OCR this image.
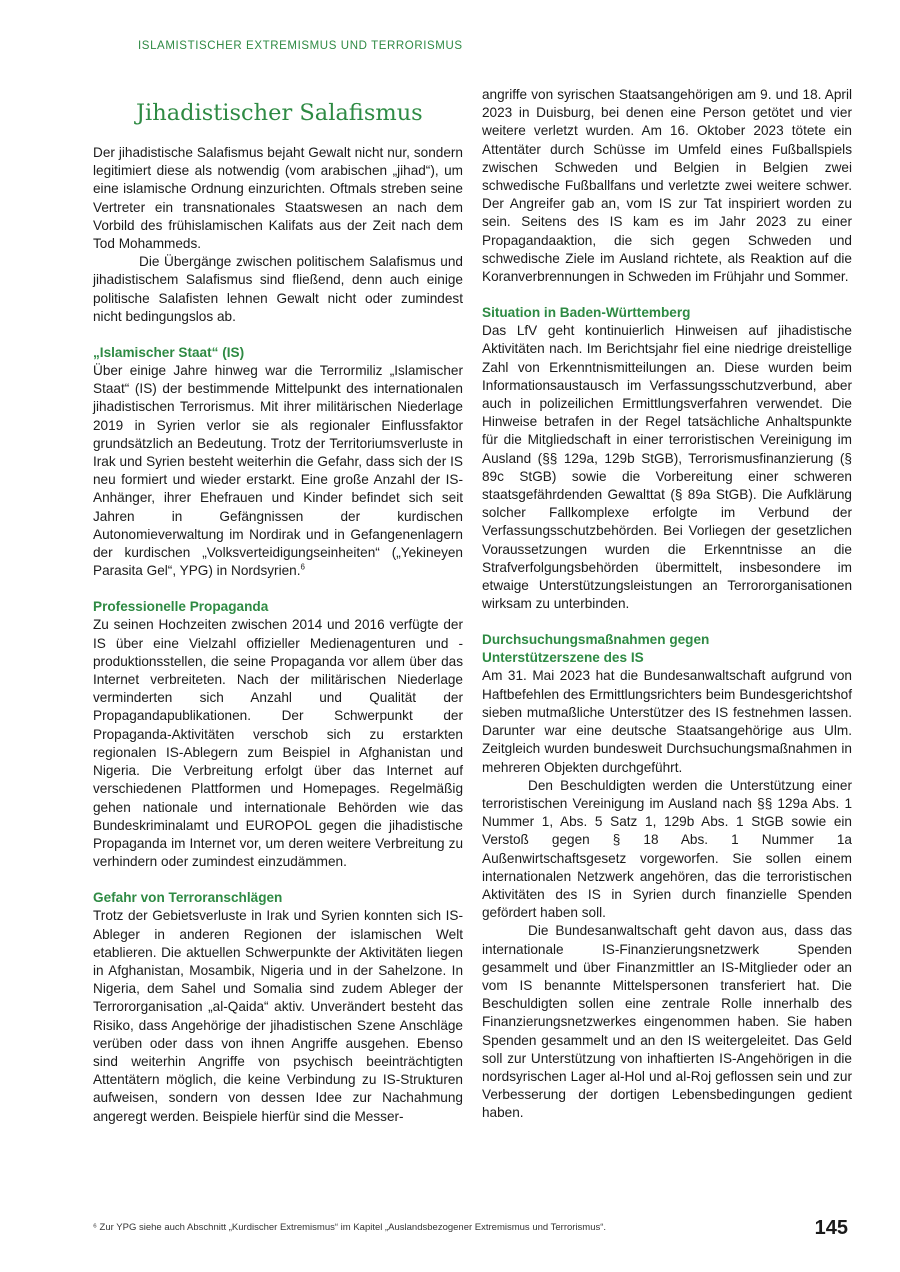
ISLAMISTISCHER EXTREMISMUS UND TERRORISMUS
Jihadistischer Salafismus

Der jihadistische Salafismus bejaht Gewalt nicht nur, sondern legitimiert diese als notwendig (vom arabischen „jihad“), um eine islamische Ordnung einzurichten. Oftmals streben seine Vertreter ein transnationales Staatswesen an nach dem Vorbild des frühislamischen Kalifats aus der Zeit nach dem Tod Mohammeds.

Die Übergänge zwischen politischem Salafismus und jihadistischem Salafismus sind fließend, denn auch einige politische Salafisten lehnen Gewalt nicht oder zumindest nicht bedingungslos ab.

„Islamischer Staat“ (IS)

Über einige Jahre hinweg war die Terrormiliz „Islamischer Staat“ (IS) der bestimmende Mittelpunkt des internationalen jihadistischen Terrorismus. Mit ihrer militärischen Niederlage 2019 in Syrien verlor sie als regionaler Einflussfaktor grundsätzlich an Bedeutung. Trotz der Territoriumsverluste in Irak und Syrien besteht weiterhin die Gefahr, dass sich der IS neu formiert und wieder erstarkt. Eine große Anzahl der IS-Anhänger, ihrer Ehefrauen und Kinder befindet sich seit Jahren in Gefängnissen der kurdischen Autonomieverwaltung im Nordirak und in Gefangenenlagern der kurdischen „Volksverteidigungseinheiten“ („Yekineyen Parasita Gel“, YPG) in Nordsyrien.$^6$

Professionelle Propaganda

Zu seinen Hochzeiten zwischen 2014 und 2016 verfügte der IS über eine Vielzahl offizieller Medienagenturen und -produktionsstellen, die seine Propaganda vor allem über das Internet verbreiteten. Nach der militärischen Niederlage verminderten sich Anzahl und Qualität der Propagandapublikationen. Der Schwerpunkt der Propaganda-Aktivitäten verschob sich zu erstarkten regionalen IS-Ablegern zum Beispiel in Afghanistan und Nigeria. Die Verbreitung erfolgt über das Internet auf verschiedenen Plattformen und Homepages. Regelmäßig gehen nationale und internationale Behörden wie das Bundeskriminalamt und EUROPOL gegen die jihadistische Propaganda im Internet vor, um deren weitere Verbreitung zu verhindern oder zumindest einzudämmen.

Gefahr von Terroranschlägen

Trotz der Gebietsverluste in Irak und Syrien konnten sich IS-Ableger in anderen Regionen der islamischen Welt etablieren. Die aktuellen Schwerpunkte der Aktivitäten liegen in Afghanistan, Mosambik, Nigeria und in der Sahelzone. In Nigeria, dem Sahel und Somalia sind zudem Ableger der Terrororganisation „al-Qaida“ aktiv. Unverändert besteht das Risiko, dass Angehörige der jihadistischen Szene Anschläge verüben oder dass von ihnen Angriffe ausgehen. Ebenso sind weiterhin Angriffe von psychisch beeinträchtigten Attentätern möglich, die keine Verbindung zu IS-Strukturen aufweisen, sondern von dessen Idee zur Nachahmung angeregt werden. Beispiele hierfür sind die Messer-

angriffe von syrischen Staatsangehörigen am 9. und 18. April 2023 in Duisburg, bei denen eine Person getötet und vier weitere verletzt wurden. Am 16. Oktober 2023 tötete ein Attentäter durch Schüsse im Umfeld eines Fußballspiels zwischen Schweden und Belgien in Belgien zwei schwedische Fußballfans und verletzte zwei weitere schwer. Der Angreifer gab an, vom IS zur Tat inspiriert worden zu sein. Seitens des IS kam es im Jahr 2023 zu einer Propagandaaktion, die sich gegen Schweden und schwedische Ziele im Ausland richtete, als Reaktion auf die Koranverbrennungen in Schweden im Frühjahr und Sommer.

Situation in Baden-Württemberg

Das LfV geht kontinuierlich Hinweisen auf jihadistische Aktivitäten nach. Im Berichtsjahr fiel eine niedrige dreistellige Zahl von Erkenntnismitteilungen an. Diese wurden beim Informationsaustausch im Verfassungsschutzverbund, aber auch in polizeilichen Ermittlungsverfahren verwendet. Die Hinweise betrafen in der Regel tatsächliche Anhaltspunkte für die Mitgliedschaft in einer terroristischen Vereinigung im Ausland (§§ 129a, 129b StGB), Terrorismusfinanzierung (§ 89c StGB) sowie die Vorbereitung einer schweren staatsgefährdenden Gewalttat (§ 89a StGB). Die Aufklärung solcher Fallkomplexe erfolgte im Verbund der Verfassungsschutzbehörden. Bei Vorliegen der gesetzlichen Voraussetzungen wurden die Erkenntnisse an die Strafverfolgungsbehörden übermittelt, insbesondere im etwaige Unterstützungsleistungen an Terrororganisationen wirksam zu unterbinden.

Durchsuchungsmaßnahmen gegen
Unterstützerszene des IS

Am 31. Mai 2023 hat die Bundesanwaltschaft aufgrund von Haftbefehlen des Ermittlungsrichters beim Bundesgerichtshof sieben mutmaßliche Unterstützer des IS festnehmen lassen. Darunter war eine deutsche Staatsangehörige aus Ulm. Zeitgleich wurden bundesweit Durchsuchungsmaßnahmen in mehreren Objekten durchgeführt.

Den Beschuldigten werden die Unterstützung einer terroristischen Vereinigung im Ausland nach §§ 129a Abs. 1 Nummer 1, Abs. 5 Satz 1, 129b Abs. 1 StGB sowie ein Verstoß gegen § 18 Abs. 1 Nummer 1a Außenwirtschaftsgesetz vorgeworfen. Sie sollen einem internationalen Netzwerk angehören, das die terroristischen Aktivitäten des IS in Syrien durch finanzielle Spenden gefördert haben soll.

Die Bundesanwaltschaft geht davon aus, dass das internationale IS-Finanzierungsnetzwerk Spenden gesammelt und über Finanzmittler an IS-Mitglieder oder an vom IS benannte Mittelspersonen transferiert hat. Die Beschuldigten sollen eine zentrale Rolle innerhalb des Finanzierungsnetzwerkes eingenommen haben. Sie haben Spenden gesammelt und an den IS weitergeleitet. Das Geld soll zur Unterstützung von inhaftierten IS-Angehörigen in die nordsyrischen Lager al-Hol und al-Roj geflossen sein und zur Verbesserung der dortigen Lebensbedingungen gedient haben.

⁶ Zur YPG siehe auch Abschnitt „Kurdischer Extremismus“ im Kapitel „Auslandsbezogener Extremismus und Terrorismus“.	145
